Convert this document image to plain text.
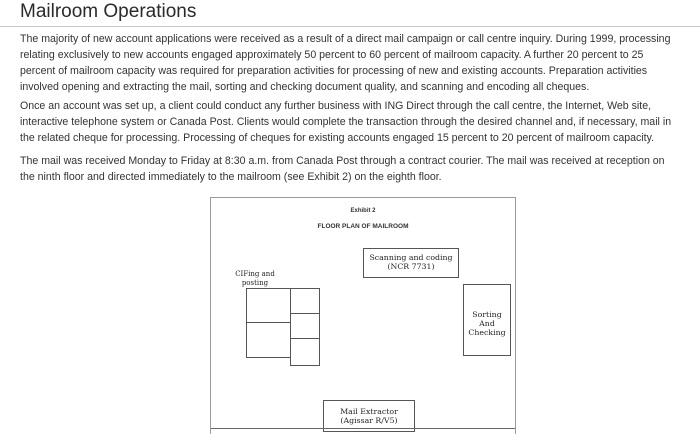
Mailroom Operations

The majority of new account applications were received as a result of a direct mail campaign or call centre inquiry. During 1999, processing relating exclusively to new accounts engaged approximately 50 percent to 60 percent of mailroom capacity. A further 20 percent to 25 percent of mailroom capacity was required for preparation activities for processing of new and existing accounts. Preparation activities involved opening and extracting the mail, sorting and checking document quality, and scanning and encoding all cheques.

Once an account was set up, a client could conduct any further business with ING Direct through the call centre, the Internet, Web site, interactive telephone system or Canada Post. Clients would complete the transaction through the desired channel and, if necessary, mail in the related cheque for processing. Processing of cheques for existing accounts engaged 15 percent to 20 percent of mailroom capacity.

The mail was received Monday to Friday at 8:30 a.m. from Canada Post through a contract courier. The mail was received at reception on the ninth floor and directed immediately to the mailroom (see Exhibit 2) on the eighth floor.

Exhibit 2
FLOOR PLAN OF MAILROOM
CIFing and posting
Scanning and coding (NCR 7731)
Sorting And Checking
Mail Extractor (Agissar R/V5)
